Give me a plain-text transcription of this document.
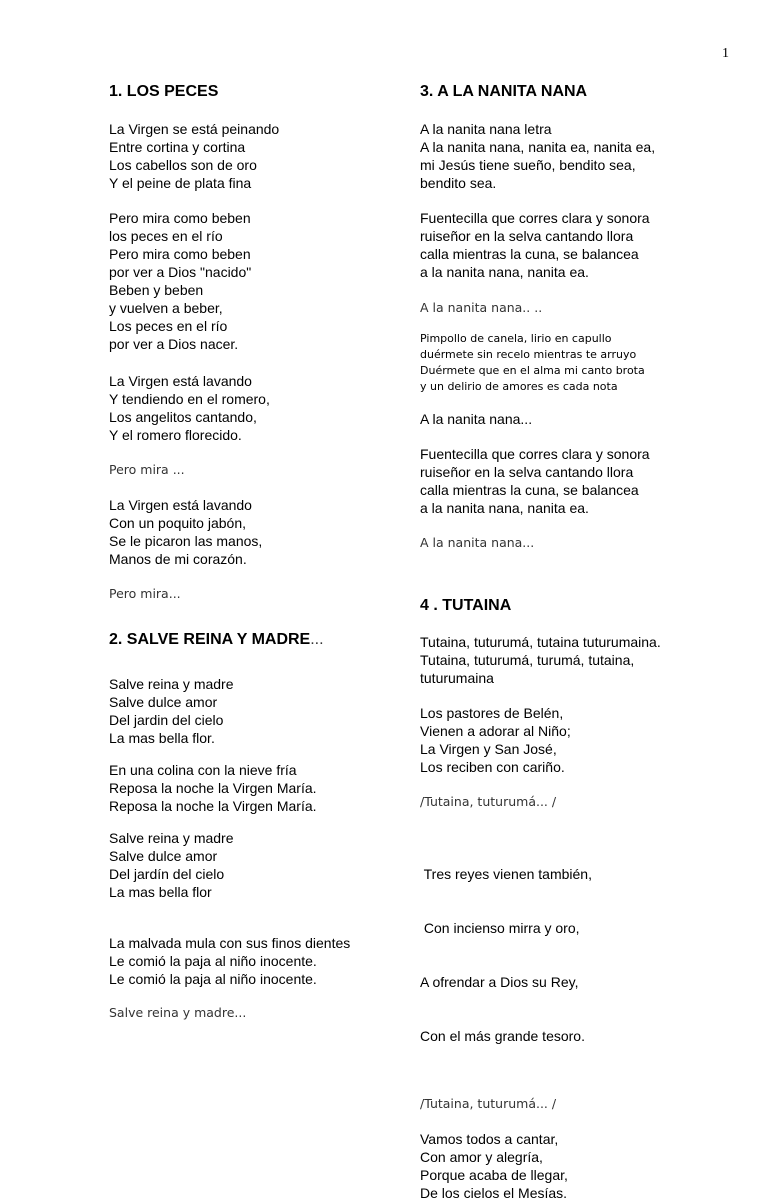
1
1. LOS PECES
La Virgen se está peinando
Entre cortina y cortina
Los cabellos son de oro
Y el peine de plata fina
Pero mira como beben
los peces en el río
Pero mira como beben
por ver a Dios "nacido"
Beben y beben
y vuelven a beber,
Los peces en el río
por ver a Dios nacer.
La Virgen está lavando
Y tendiendo en el romero,
Los angelitos cantando,
Y el romero florecido.
Pero mira ...
La Virgen está lavando
Con un poquito jabón,
Se le picaron las manos,
Manos de mi corazón.
Pero mira...
2. SALVE REINA Y MADRE...
Salve reina y madre
Salve dulce amor
Del jardin del cielo
La mas bella flor.
En una colina con la nieve fría
Reposa la noche la Virgen María.
Reposa la noche la Virgen María.
Salve reina y madre
Salve dulce amor
Del jardín del cielo
La mas bella flor
La malvada mula con sus finos dientes
Le comió la paja al niño inocente.
Le comió la paja al niño inocente.
Salve reina y madre...
3. A LA NANITA NANA
A la nanita nana letra
A la nanita nana, nanita ea, nanita ea,
mi Jesús tiene sueño, bendito sea,
bendito sea.
Fuentecilla que corres clara y sonora
ruiseñor en la selva cantando llora
calla mientras la cuna, se balancea
a la nanita nana, nanita ea.
A la nanita nana.. ..
Pimpollo de canela, lirio en capullo
duérmete sin recelo mientras te arruyo
Duérmete que en el alma mi canto brota
y un delirio de amores es cada nota
A la nanita nana...
Fuentecilla que corres clara y sonora
ruiseñor en la selva cantando llora
calla mientras la cuna, se balancea
a la nanita nana, nanita ea.
A la nanita nana...
4 . TUTAINA
Tutaina, tuturumá, tutaina tuturumaina.
Tutaina, tuturumá, turumá, tutaina,
tuturumaina
Los pastores de Belén,
Vienen a adorar al Niño;
La Virgen y San José,
Los reciben con cariño.
/Tutaina, tuturumá... /

Tres reyes vienen también,

Con incienso mirra y oro,

A ofrendar a Dios su Rey,

Con el más grande tesoro.

/Tutaina, tuturumá... /
Vamos todos a cantar,
Con amor y alegría,
Porque acaba de llegar,
De los cielos el Mesías.
